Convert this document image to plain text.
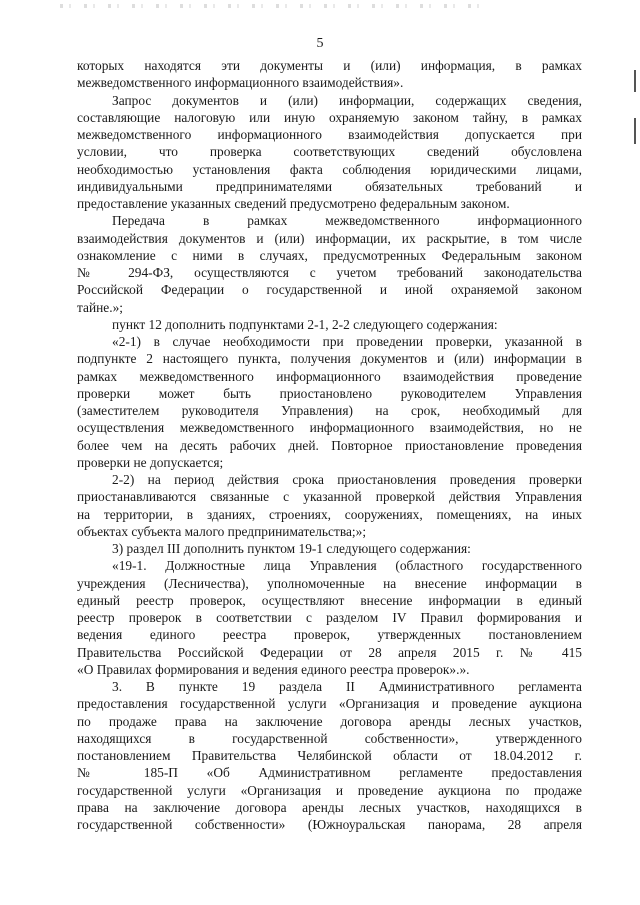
5

которых находятся эти документы и (или) информация, в рамках

межведомственного информационного взаимодействия».

Запрос документов и (или) информации, содержащих сведения,

составляющие налоговую или иную охраняемую законом тайну, в рамках

межведомственного информационного взаимодействия допускается при

условии, что проверка соответствующих сведений обусловлена

необходимостью установления факта соблюдения юридическими лицами,

индивидуальными предпринимателями обязательных требований и

предоставление указанных сведений предусмотрено федеральным законом.

Передача в рамках межведомственного информационного

взаимодействия документов и (или) информации, их раскрытие, в том числе

ознакомление с ними в случаях, предусмотренных Федеральным законом

№ 294-ФЗ, осуществляются с учетом требований законодательства

Российской Федерации о государственной и иной охраняемой законом

тайне.»;

пункт 12 дополнить подпунктами 2-1, 2-2 следующего содержания:

«2-1) в случае необходимости при проведении проверки, указанной в

подпункте 2 настоящего пункта, получения документов и (или) информации в

рамках межведомственного информационного взаимодействия проведение

проверки может быть приостановлено руководителем Управления

(заместителем руководителя Управления) на срок, необходимый для

осуществления межведомственного информационного взаимодействия, но не

более чем на десять рабочих дней. Повторное приостановление проведения

проверки не допускается;

2-2) на период действия срока приостановления проведения проверки

приостанавливаются связанные с указанной проверкой действия Управления

на территории, в зданиях, строениях, сооружениях, помещениях, на иных

объектах субъекта малого предпринимательства;»;

3) раздел III дополнить пунктом 19-1 следующего содержания:

«19-1. Должностные лица Управления (областного государственного

учреждения (Лесничества), уполномоченные на внесение информации в

единый реестр проверок, осуществляют внесение информации в единый

реестр проверок в соответствии с разделом IV Правил формирования и

ведения единого реестра проверок, утвержденных постановлением

Правительства Российской Федерации от 28 апреля 2015 г. № 415

«О Правилах формирования и ведения единого реестра проверок».».

3. В пункте 19 раздела II Административного регламента

предоставления государственной услуги «Организация и проведение аукциона

по продаже права на заключение договора аренды лесных участков,

находящихся в государственной собственности», утвержденного

постановлением Правительства Челябинской области от 18.04.2012 г.

№ 185-П «Об Административном регламенте предоставления

государственной услуги «Организация и проведение аукциона по продаже

права на заключение договора аренды лесных участков, находящихся в

государственной собственности» (Южноуральская панорама, 28 апреля
